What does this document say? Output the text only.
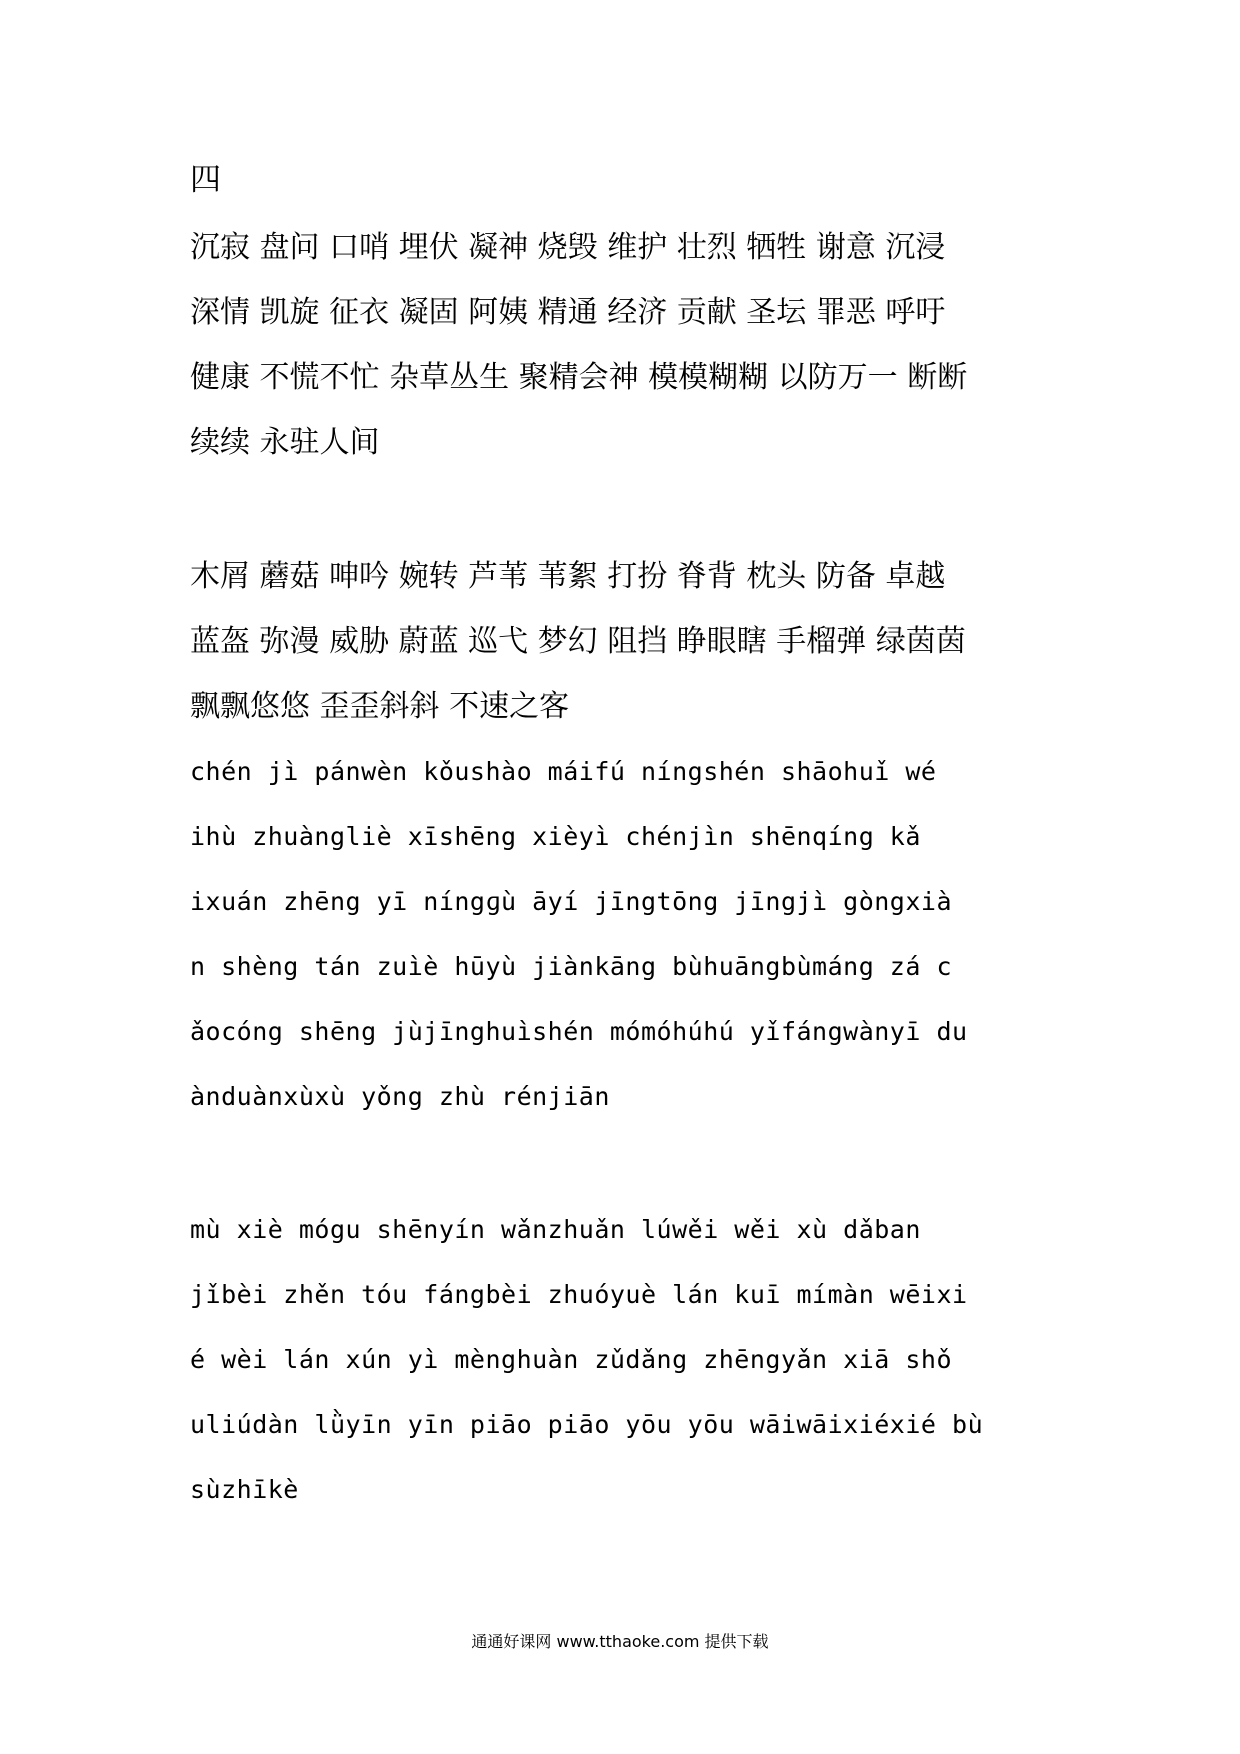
四
沉寂 盘问 口哨 埋伏 凝神 烧毁 维护 壮烈 牺牲 谢意 沉浸
深情 凯旋 征衣 凝固 阿姨 精通 经济 贡献 圣坛 罪恶 呼吁
健康 不慌不忙 杂草丛生 聚精会神 模模糊糊 以防万一 断断
续续 永驻人间
木屑 蘑菇 呻吟 婉转 芦苇 苇絮 打扮 脊背 枕头 防备 卓越
蓝盔 弥漫 威胁 蔚蓝 巡弋 梦幻 阻挡 睁眼瞎 手榴弹 绿茵茵
飘飘悠悠 歪歪斜斜 不速之客
chén jì pánwèn kǒushào máifú níngshén shāohuǐ wé
ihù zhuàngliè xīshēng xièyì chénjìn shēnqíng kǎ
ixuán zhēng yī níngɡù āyí jīngtōng jīngjì gòngxià
n shèng tán zuìè hūyù jiànkāng bùhuāngbùmáng zá c
ǎocóng shēng jùjīnghuìshén mómóhúhú yǐfángwànyī du
ànduànxùxù yǒng zhù rénjiān
mù xiè mógu shēnyín wǎnzhuǎn lúwěi wěi xù dǎban
jǐbèi zhěn tóu fángbèi zhuóyuè lán kuī mímàn wēixi
é wèi lán xún yì mènghuàn zǔdǎng zhēngyǎn xiā shǒ
uliúdàn lǜyīn yīn piāo piāo yōu yōu wāiwāixiéxié bù
sùzhīkè
通通好课网 www.tthaoke.com 提供下载
